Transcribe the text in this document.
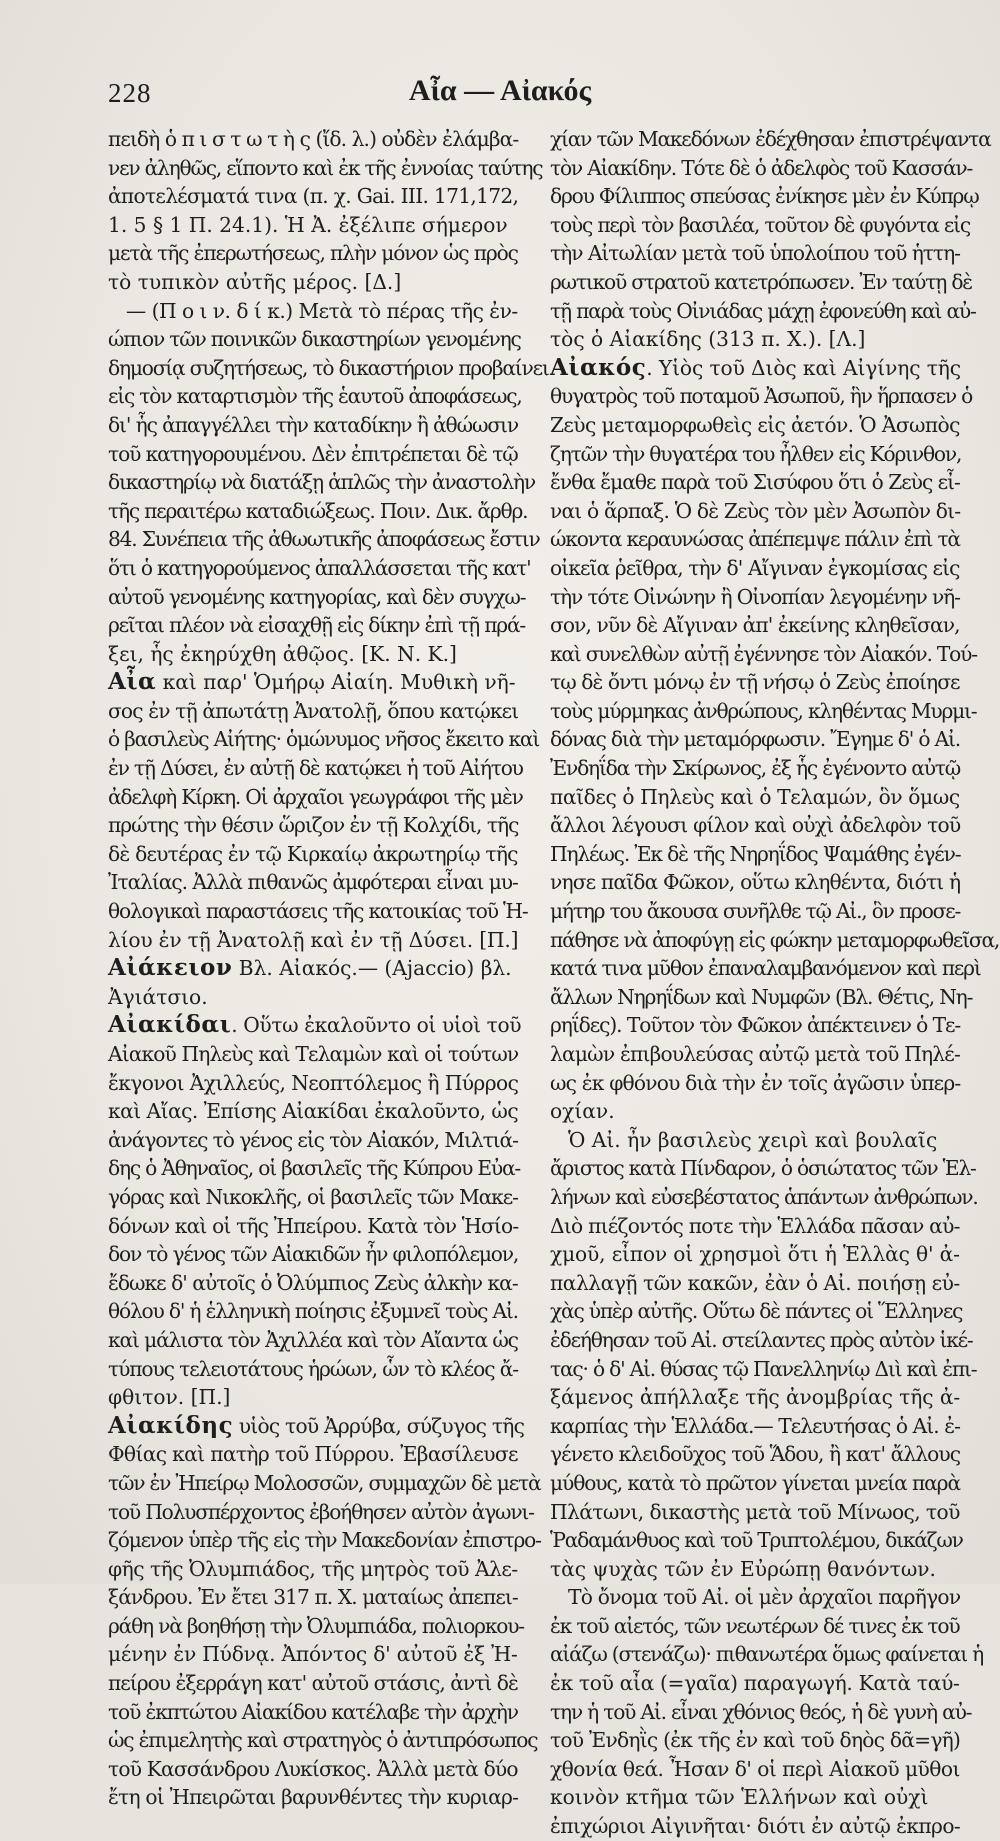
228	Αἶα — Αἰακός
πειδὴ ὁ π ι σ τ ω τ ὴ ς (ἴδ. λ.) οὐδὲν ἐλάμβα-
νεν ἀληθῶς, εἵποντο καὶ ἐκ τῆς ἐννοίας ταύτης
ἀποτελέσματά τινα (π. χ. Gai. III. 171,172,
1. 5 § 1 Π. 24.1). Ἡ Ἀ. ἐξέλιπε σήμερον
μετὰ τῆς ἐπερωτήσεως, πλὴν μόνον ὡς πρὸς
τὸ τυπικὸν αὐτῆς μέρος. [Δ.]
— (Π ο ι ν. δ ί κ.) Μετὰ τὸ πέρας τῆς ἐν-
ώπιον τῶν ποινικῶν δικαστηρίων γενομένης
δημοσίᾳ συζητήσεως, τὸ δικαστήριον προβαίνει
εἰς τὸν καταρτισμὸν τῆς ἑαυτοῦ ἀποφάσεως,
δι' ἧς ἀπαγγέλλει τὴν καταδίκην ἢ ἀθώωσιν
τοῦ κατηγορουμένου. Δὲν ἐπιτρέπεται δὲ τῷ
δικαστηρίῳ νὰ διατάξῃ ἁπλῶς τὴν ἀναστολὴν
τῆς περαιτέρω καταδιώξεως. Ποιν. Δικ. ἄρθρ.
84. Συνέπεια τῆς ἀθωωτικῆς ἀποφάσεως ἔστιν
ὅτι ὁ κατηγορούμενος ἀπαλλάσσεται τῆς κατ'
αὐτοῦ γενομένης κατηγορίας, καὶ δὲν συγχω-
ρεῖται πλέον νὰ εἰσαχθῇ εἰς δίκην ἐπὶ τῇ πρά-
ξει, ἧς ἐκηρύχθη ἀθῷος. [Κ. Ν. Κ.]
Αἶα καὶ παρ' Ὁμήρῳ Αἰαίη. Μυθικὴ νῆ-
σος ἐν τῇ ἀπωτάτῃ Ἀνατολῇ, ὅπου κατῴκει
ὁ βασιλεὺς Αἰήτης· ὁμώνυμος νῆσος ἔκειτο καὶ
ἐν τῇ Δύσει, ἐν αὐτῇ δὲ κατῴκει ἡ τοῦ Αἰήτου
ἀδελφὴ Κίρκη. Οἱ ἀρχαῖοι γεωγράφοι τῆς μὲν
πρώτης τὴν θέσιν ὥριζον ἐν τῇ Κολχίδι, τῆς
δὲ δευτέρας ἐν τῷ Κιρκαίῳ ἀκρωτηρίῳ τῆς
Ἰταλίας. Ἀλλὰ πιθανῶς ἀμφότεραι εἶναι μυ-
θολογικαὶ παραστάσεις τῆς κατοικίας τοῦ Ἡ-
λίου ἐν τῇ Ἀνατολῇ καὶ ἐν τῇ Δύσει. [Π.]
Αἰάκειον Βλ. Αἰακός.— (Ajaccio) βλ.
Ἀγιάτσιο.
Αἰακίδαι. Οὕτω ἐκαλοῦντο οἱ υἱοὶ τοῦ
Αἰακοῦ Πηλεὺς καὶ Τελαμὼν καὶ οἱ τούτων
ἔκγονοι Ἀχιλλεύς, Νεοπτόλεμος ἢ Πύρρος
καὶ Αἴας. Ἐπίσης Αἰακίδαι ἐκαλοῦντο, ὡς
ἀνάγοντες τὸ γένος εἰς τὸν Αἰακόν, Μιλτιά-
δης ὁ Ἀθηναῖος, οἱ βασιλεῖς τῆς Κύπρου Εὐα-
γόρας καὶ Νικοκλῆς, οἱ βασιλεῖς τῶν Μακε-
δόνων καὶ οἱ τῆς Ἠπείρου. Κατὰ τὸν Ἡσίο-
δον τὸ γένος τῶν Αἰακιδῶν ἦν φιλοπόλεμον,
ἔδωκε δ' αὐτοῖς ὁ Ὀλύμπιος Ζεὺς ἀλκὴν κα-
θόλου δ' ἡ ἑλληνικὴ ποίησις ἐξυμνεῖ τοὺς Αἰ.
καὶ μάλιστα τὸν Ἀχιλλέα καὶ τὸν Αἴαντα ὡς
τύπους τελειοτάτους ἡρώων, ὧν τὸ κλέος ἄ-
φθιτον. [Π.]
Αἰακίδης υἱὸς τοῦ Ἀρρύβα, σύζυγος τῆς
Φθίας καὶ πατὴρ τοῦ Πύρρου. Ἐβασίλευσε
τῶν ἐν Ἠπείρῳ Μολοσσῶν, συμμαχῶν δὲ μετὰ
τοῦ Πολυσπέρχοντος ἐβοήθησεν αὐτὸν ἀγωνι-
ζόμενον ὑπὲρ τῆς εἰς τὴν Μακεδονίαν ἐπιστρο-
φῆς τῆς Ὀλυμπιάδος, τῆς μητρὸς τοῦ Ἀλε-
ξάνδρου. Ἐν ἔτει 317 π. Χ. ματαίως ἀπεπει-
ράθη νὰ βοηθήσῃ τὴν Ὀλυμπιάδα, πολιορκου-
μένην ἐν Πύδνᾳ. Ἀπόντος δ' αὐτοῦ ἐξ Ἠ-
πείρου ἐξερράγη κατ' αὐτοῦ στάσις, ἀντὶ δὲ
τοῦ ἐκπτώτου Αἰακίδου κατέλαβε τὴν ἀρχὴν
ὡς ἐπιμελητὴς καὶ στρατηγὸς ὁ ἀντιπρόσωπος
τοῦ Κασσάνδρου Λυκίσκος. Ἀλλὰ μετὰ δύο
ἔτη οἱ Ἠπειρῶται βαρυνθέντες τὴν κυριαρ-
χίαν τῶν Μακεδόνων ἐδέχθησαν ἐπιστρέψαντα
τὸν Αἰακίδην. Τότε δὲ ὁ ἀδελφὸς τοῦ Κασσάν-
δρου Φίλιππος σπεύσας ἐνίκησε μὲν ἐν Κύπρῳ
τοὺς περὶ τὸν βασιλέα, τοῦτον δὲ φυγόντα εἰς
τὴν Αἰτωλίαν μετὰ τοῦ ὑπολοίπου τοῦ ἡττη-
ρωτικοῦ στρατοῦ κατετρόπωσεν. Ἐν ταύτῃ δὲ
τῇ παρὰ τοὺς Οἰνιάδας μάχῃ ἐφονεύθη καὶ αὐ-
τὸς ὁ Αἰακίδης (313 π. Χ.). [Λ.]
Αἰακός. Υἱὸς τοῦ Διὸς καὶ Αἰγίνης τῆς
θυγατρὸς τοῦ ποταμοῦ Ἀσωποῦ, ἣν ἥρπασεν ὁ
Ζεὺς μεταμορφωθεὶς εἰς ἀετόν. Ὁ Ἀσωπὸς
ζητῶν τὴν θυγατέρα του ἦλθεν εἰς Κόρινθον,
ἔνθα ἔμαθε παρὰ τοῦ Σισύφου ὅτι ὁ Ζεὺς εἶ-
ναι ὁ ἅρπαξ. Ὁ δὲ Ζεὺς τὸν μὲν Ἀσωπὸν δι-
ώκοντα κεραυνώσας ἀπέπεμψε πάλιν ἐπὶ τὰ
οἰκεῖα ῥεῖθρα, τὴν δ' Αἴγιναν ἐγκομίσας εἰς
τὴν τότε Οἰνώνην ἢ Οἰνοπίαν λεγομένην νῆ-
σον, νῦν δὲ Αἴγιναν ἀπ' ἐκείνης κληθεῖσαν,
καὶ συνελθὼν αὐτῇ ἐγέννησε τὸν Αἰακόν. Τού-
τῳ δὲ ὄντι μόνῳ ἐν τῇ νήσῳ ὁ Ζεὺς ἐποίησε
τοὺς μύρμηκας ἀνθρώπους, κληθέντας Μυρμι-
δόνας διὰ τὴν μεταμόρφωσιν. Ἔγημε δ' ὁ Αἰ.
Ἐνδηΐδα τὴν Σκίρωνος, ἐξ ἧς ἐγένοντο αὐτῷ
παῖδες ὁ Πηλεὺς καὶ ὁ Τελαμών, ὃν ὅμως
ἄλλοι λέγουσι φίλον καὶ οὐχὶ ἀδελφὸν τοῦ
Πηλέως. Ἐκ δὲ τῆς Νηρηΐδος Ψαμάθης ἐγέν-
νησε παῖδα Φῶκον, οὕτω κληθέντα, διότι ἡ
μήτηρ του ἄκουσα συνῆλθε τῷ Αἰ., ὃν προσε-
πάθησε νὰ ἀποφύγῃ εἰς φώκην μεταμορφωθεῖσα,
κατά τινα μῦθον ἐπαναλαμβανόμενον καὶ περὶ
ἄλλων Νηρηΐδων καὶ Νυμφῶν (Βλ. Θέτις, Νη-
ρηΐδες). Τοῦτον τὸν Φῶκον ἀπέκτεινεν ὁ Τε-
λαμὼν ἐπιβουλεύσας αὐτῷ μετὰ τοῦ Πηλέ-
ως ἐκ φθόνου διὰ τὴν ἐν τοῖς ἀγῶσιν ὑπερ-
οχίαν.
Ὁ Αἰ. ἦν βασιλεὺς χειρὶ καὶ βουλαῖς
ἄριστος κατὰ Πίνδαρον, ὁ ὁσιώτατος τῶν Ἑλ-
λήνων καὶ εὐσεβέστατος ἁπάντων ἀνθρώπων.
Διὸ πιέζοντός ποτε τὴν Ἑλλάδα πᾶσαν αὐ-
χμοῦ, εἶπον οἱ χρησμοὶ ὅτι ἡ Ἑλλὰς θ' ἀ-
παλλαγῇ τῶν κακῶν, ἐὰν ὁ Αἰ. ποιήσῃ εὐ-
χὰς ὑπὲρ αὐτῆς. Οὕτω δὲ πάντες οἱ Ἕλληνες
ἐδεήθησαν τοῦ Αἰ. στείλαντες πρὸς αὐτὸν ἱκέ-
τας· ὁ δ' Αἰ. θύσας τῷ Πανελληνίῳ Διὶ καὶ ἐπι-
ξάμενος ἀπήλλαξε τῆς ἀνομβρίας τῆς ἀ-
καρπίας τὴν Ἑλλάδα.— Τελευτήσας ὁ Αἰ. ἐ-
γένετο κλειδοῦχος τοῦ Ἅδου, ἢ κατ' ἄλλους
μύθους, κατὰ τὸ πρῶτον γίνεται μνεία παρὰ
Πλάτωνι, δικαστὴς μετὰ τοῦ Μίνωος, τοῦ
Ῥαδαμάνθυος καὶ τοῦ Τριπτολέμου, δικάζων
τὰς ψυχὰς τῶν ἐν Εὐρώπῃ θανόντων.
Τὸ ὄνομα τοῦ Αἰ. οἱ μὲν ἀρχαῖοι παρῆγον
ἐκ τοῦ αἰετός, τῶν νεωτέρων δέ τινες ἐκ τοῦ
αἰάζω (στενάζω)· πιθανωτέρα ὅμως φαίνεται ἡ
ἐκ τοῦ αἶα (=γαῖα) παραγωγή. Κατὰ ταύ-
την ἡ τοῦ Αἰ. εἶναι χθόνιος θεός, ἡ δὲ γυνὴ αὐ-
τοῦ Ἐνδηῒς (ἐκ τῆς ἐν καὶ τοῦ δηὸς δᾶ=γῆ)
χθονία θεά. Ἦσαν δ' οἱ περὶ Αἰακοῦ μῦθοι
κοινὸν κτῆμα τῶν Ἑλλήνων καὶ οὐχὶ
ἐπιχώριοι Αἰγινῆται· διότι ἐν αὐτῷ ἐκπρο-
